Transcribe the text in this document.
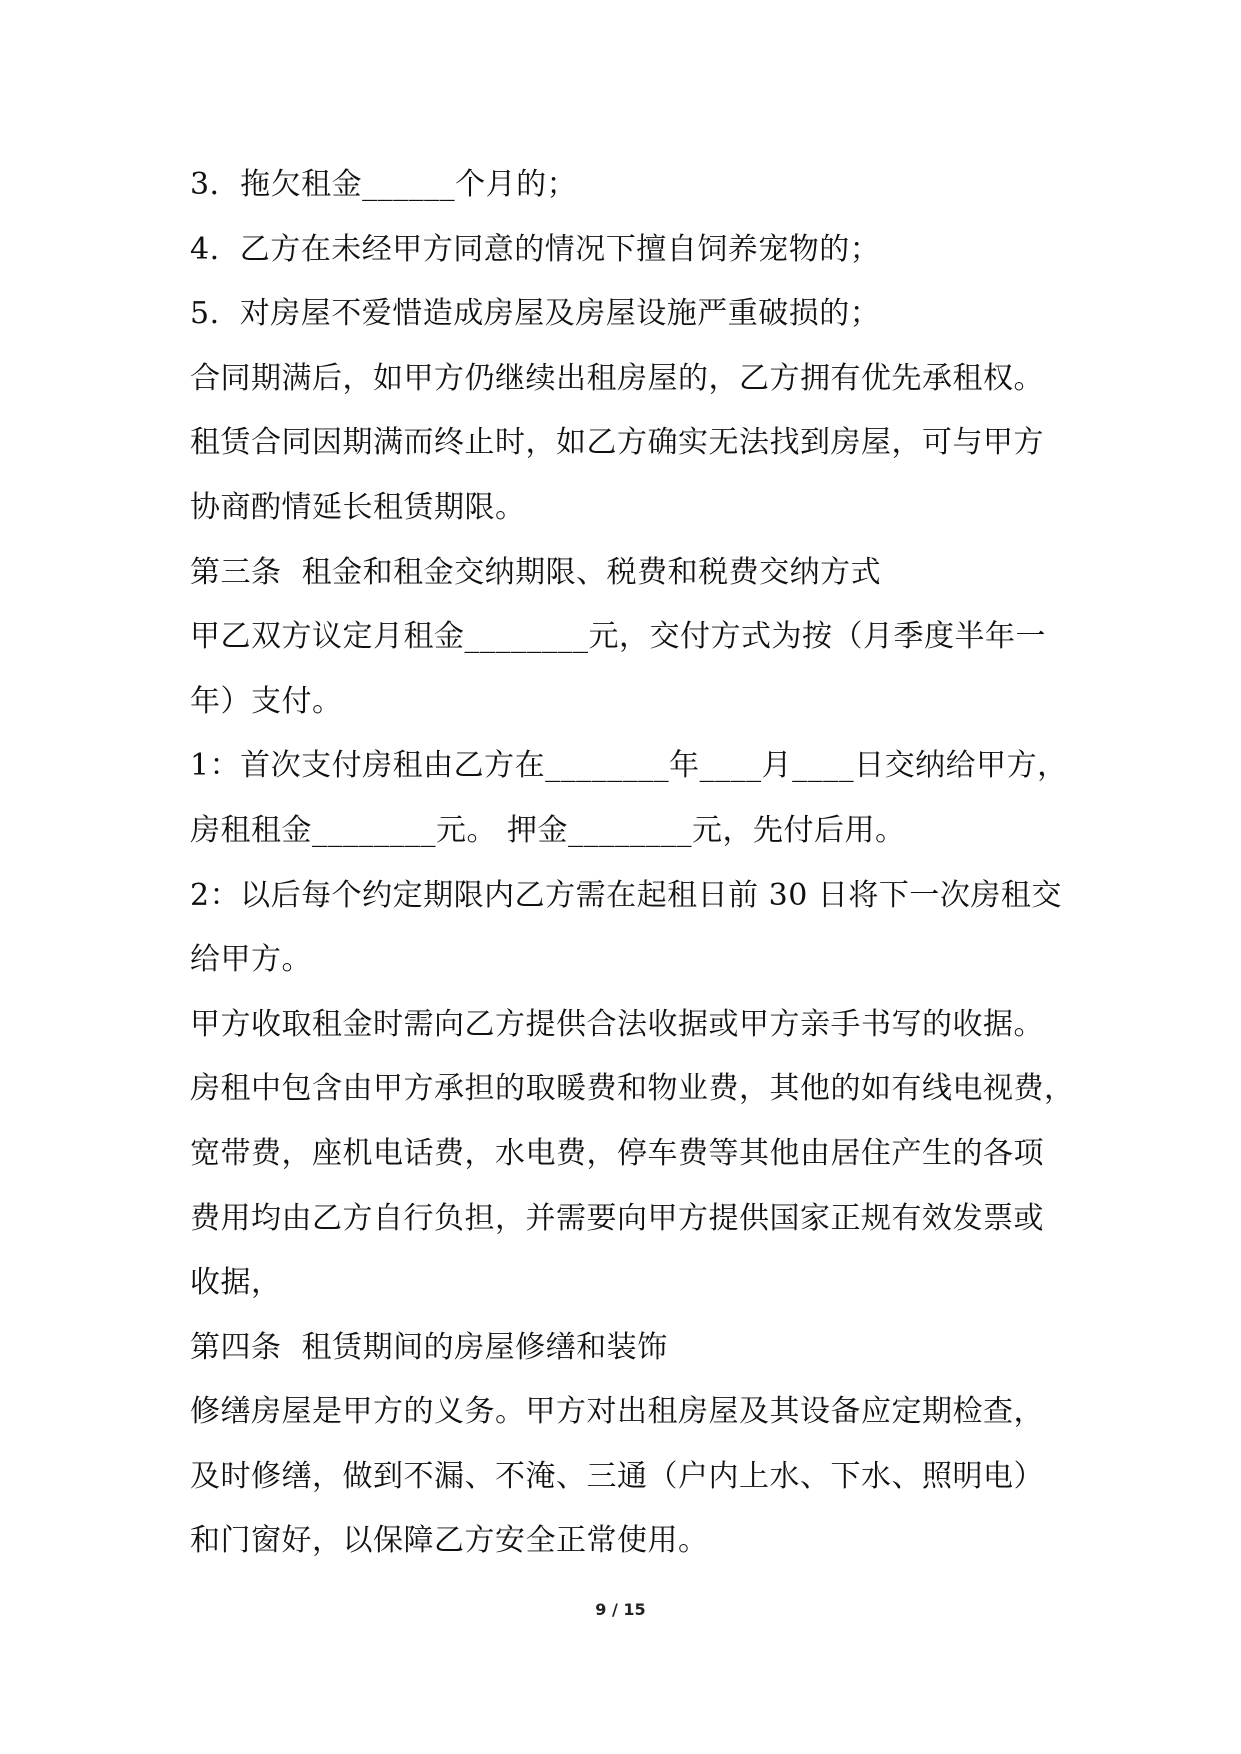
3．拖欠租金______个月的；
4.  乙方在未经甲方同意的情况下擅自饲养宠物的；
5.  对房屋不爱惜造成房屋及房屋设施严重破损的；
合同期满后，如甲方仍继续出租房屋的，乙方拥有优先承租权。
租赁合同因期满而终止时，如乙方确实无法找到房屋，可与甲方
协商酌情延长租赁期限。
第三条  租金和租金交纳期限、税费和税费交纳方式
甲乙双方议定月租金________元，交付方式为按（月季度半年一
年）支付。
1：首次支付房租由乙方在________年____月____日交纳给甲方，
房租租金________元。 押金________元，先付后用。
2：以后每个约定期限内乙方需在起租日前 30 日将下一次房租交
给甲方。
甲方收取租金时需向乙方提供合法收据或甲方亲手书写的收据。
房租中包含由甲方承担的取暖费和物业费，其他的如有线电视费，
宽带费，座机电话费，水电费，停车费等其他由居住产生的各项
费用均由乙方自行负担，并需要向甲方提供国家正规有效发票或
收据，
第四条  租赁期间的房屋修缮和装饰
修缮房屋是甲方的义务。甲方对出租房屋及其设备应定期检查，
及时修缮，做到不漏、不淹、三通（户内上水、下水、照明电）
和门窗好，以保障乙方安全正常使用。
9 / 15
